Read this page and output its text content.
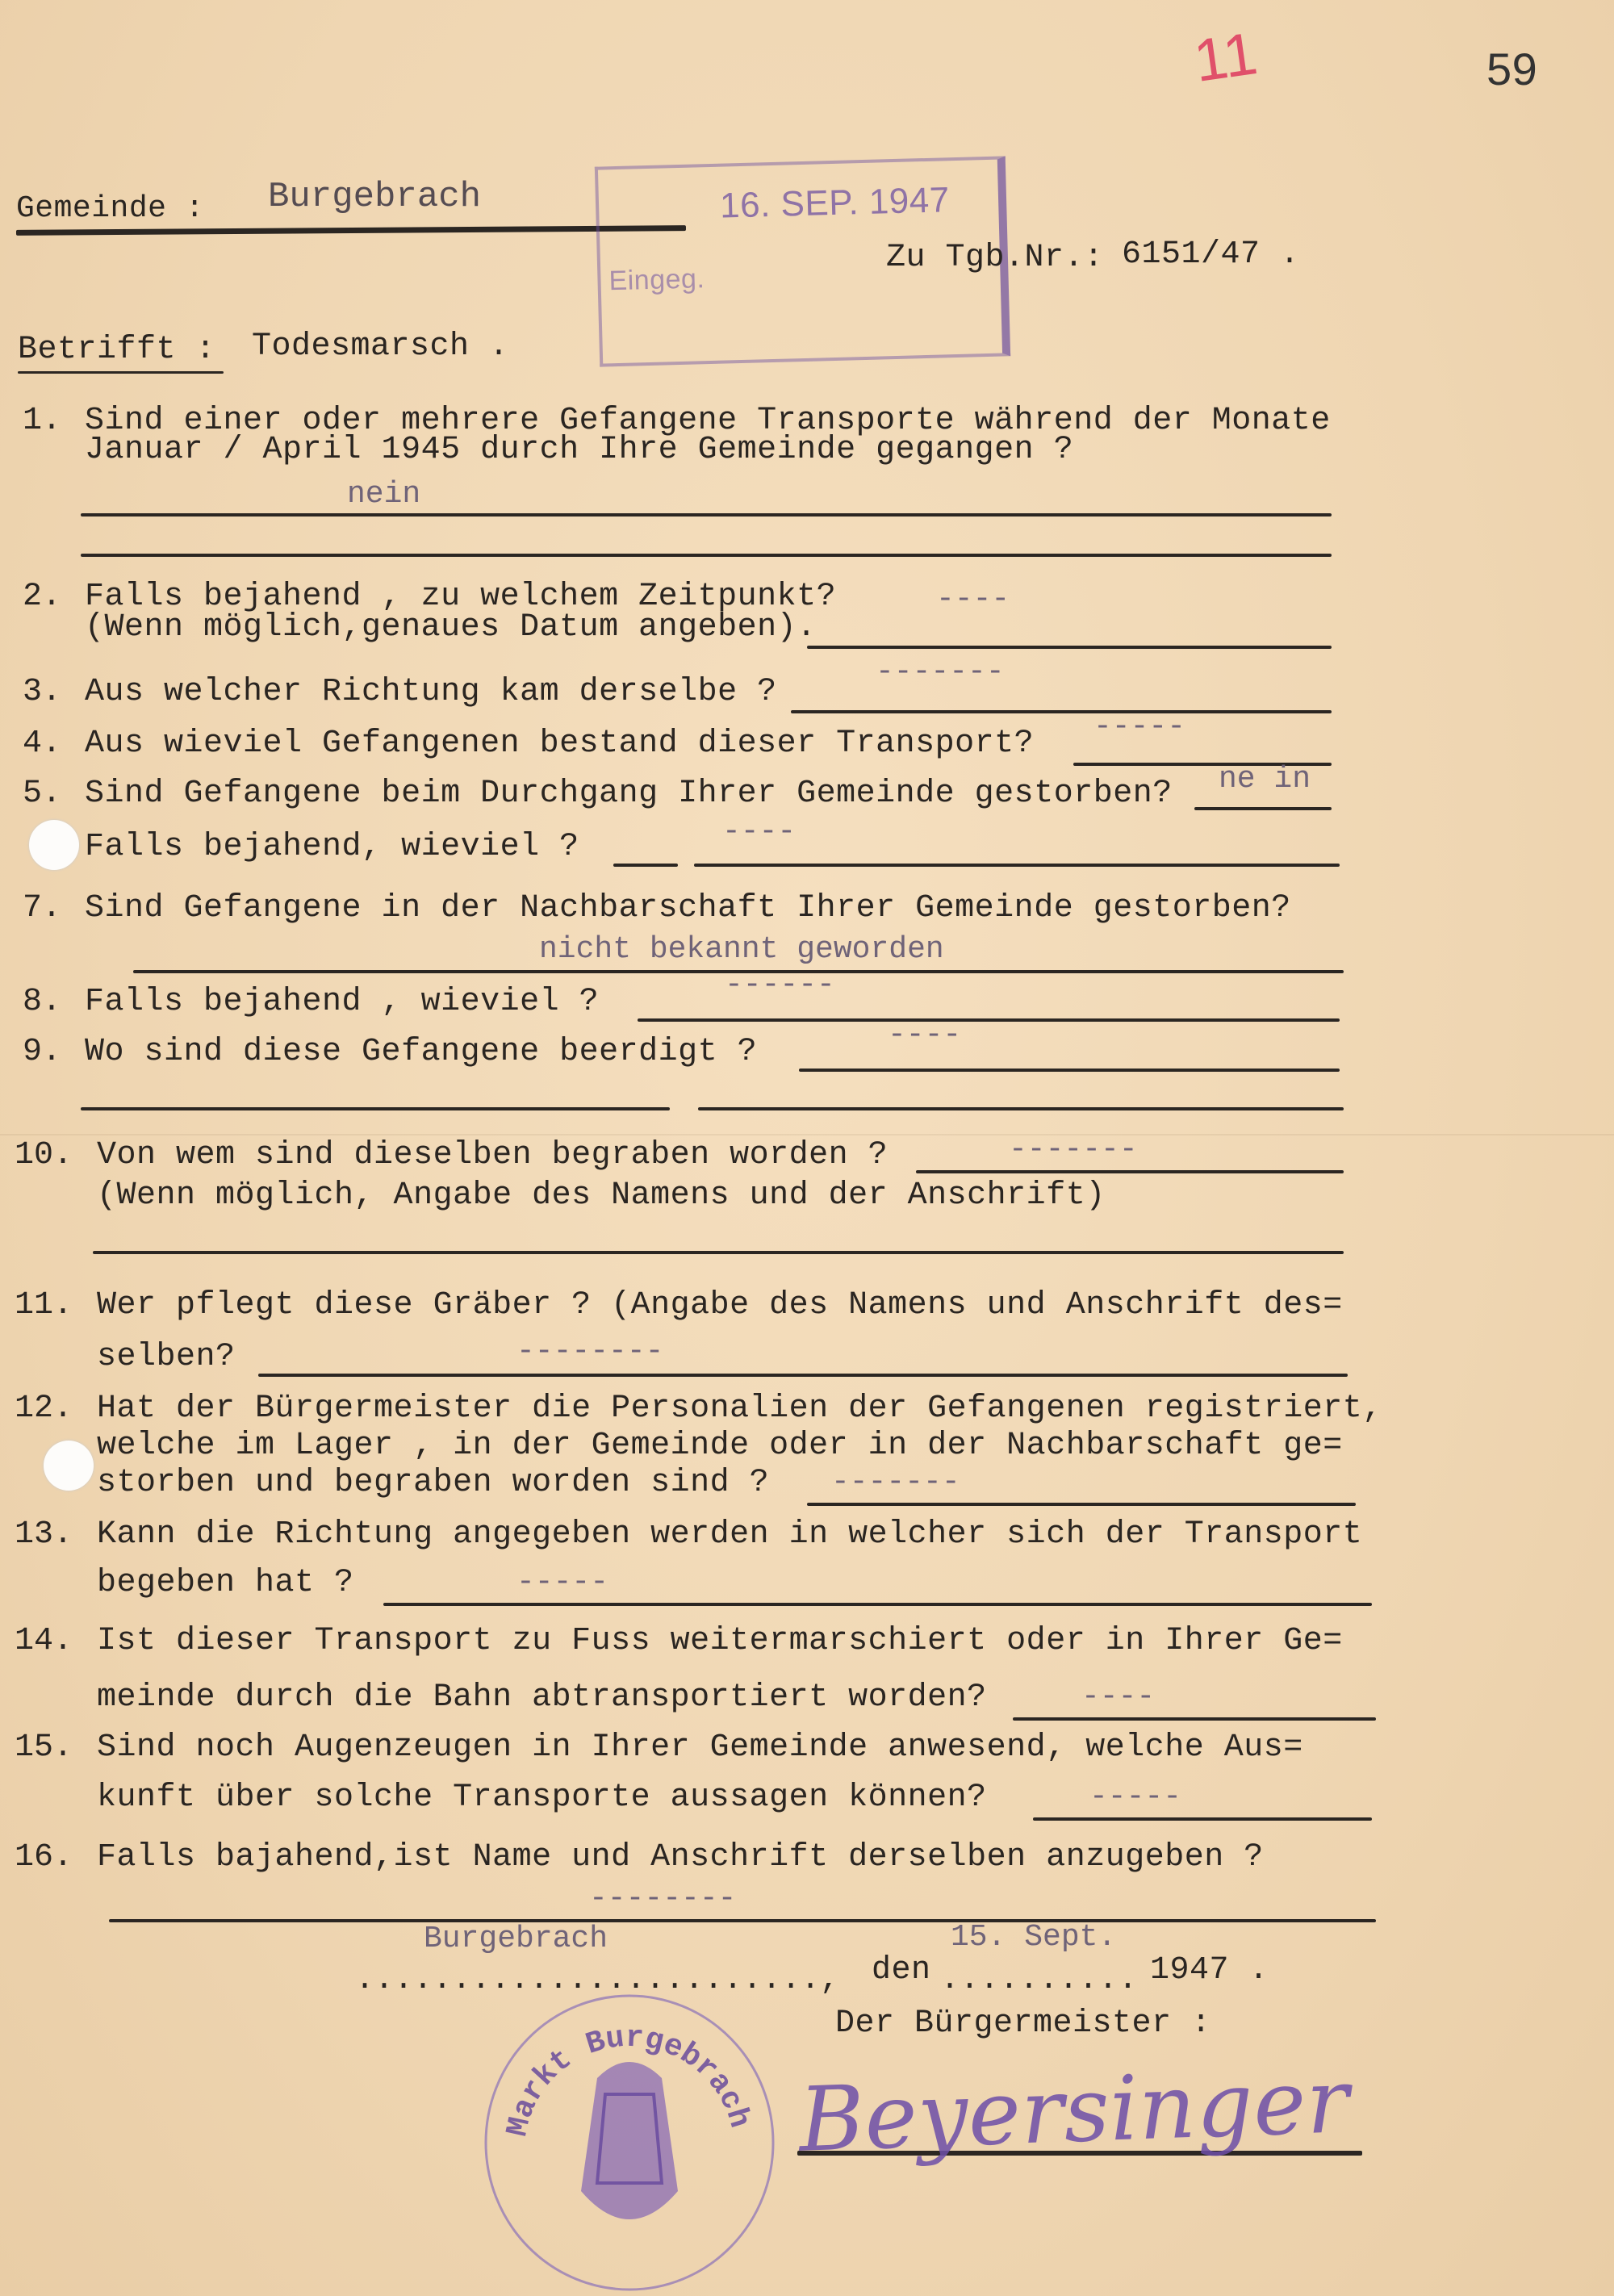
59
11
Gemeinde : Burgebrach
Eingeg.
16. SEP. 1947
Zu Tgb.Nr.: 6151/47 .
Betrifft : Todesmarsch .
1. Sind einer oder mehrere Gefangene Transporte während der Monate
Januar / April 1945 durch Ihre Gemeinde gegangen ?
nein
2. Falls bejahend , zu welchem Zeitpunkt?
(Wenn möglich,genaues Datum angeben).
----
3. Aus welcher Richtung kam derselbe ?
-------
4. Aus wieviel Gefangenen bestand dieser Transport? -----
5. Sind Gefangene beim Durchgang Ihrer Gemeinde gestorben? ne in
Falls bejahend, wieviel ?	----
7. Sind Gefangene in der Nachbarschaft Ihrer Gemeinde gestorben?
nicht bekannt geworden
8. Falls bejahend , wieviel ?	------
9. Wo sind diese Gefangene beerdigt ?	----
10. Von wem sind dieselben begraben worden ?
(Wenn möglich, Angabe des Namens und der Anschrift)
-------
11. Wer pflegt diese Gräber ? (Angabe des Namens und Anschrift des=
selben?	--------
12. Hat der Bürgermeister die Personalien der Gefangenen registriert,
welche im Lager , in der Gemeinde oder in der Nachbarschaft ge=
storben und begraben worden sind ? -------
13. Kann die Richtung angegeben werden in welcher sich der Transport
begeben hat ?	-----
14. Ist dieser Transport zu Fuss weitermarschiert oder in Ihrer Ge=
meinde durch die Bahn abtransportiert worden?	----
15. Sind noch Augenzeugen in Ihrer Gemeinde anwesend, welche Aus=
kunft über solche Transporte aussagen können?	-----
16. Falls bajahend,ist Name und Anschrift derselben anzugeben ?
--------
........................,
Burgebrach
den ..........
15. Sept.
1947 .
Der Bürgermeister :
Markt Burgebrach Beyersinger
